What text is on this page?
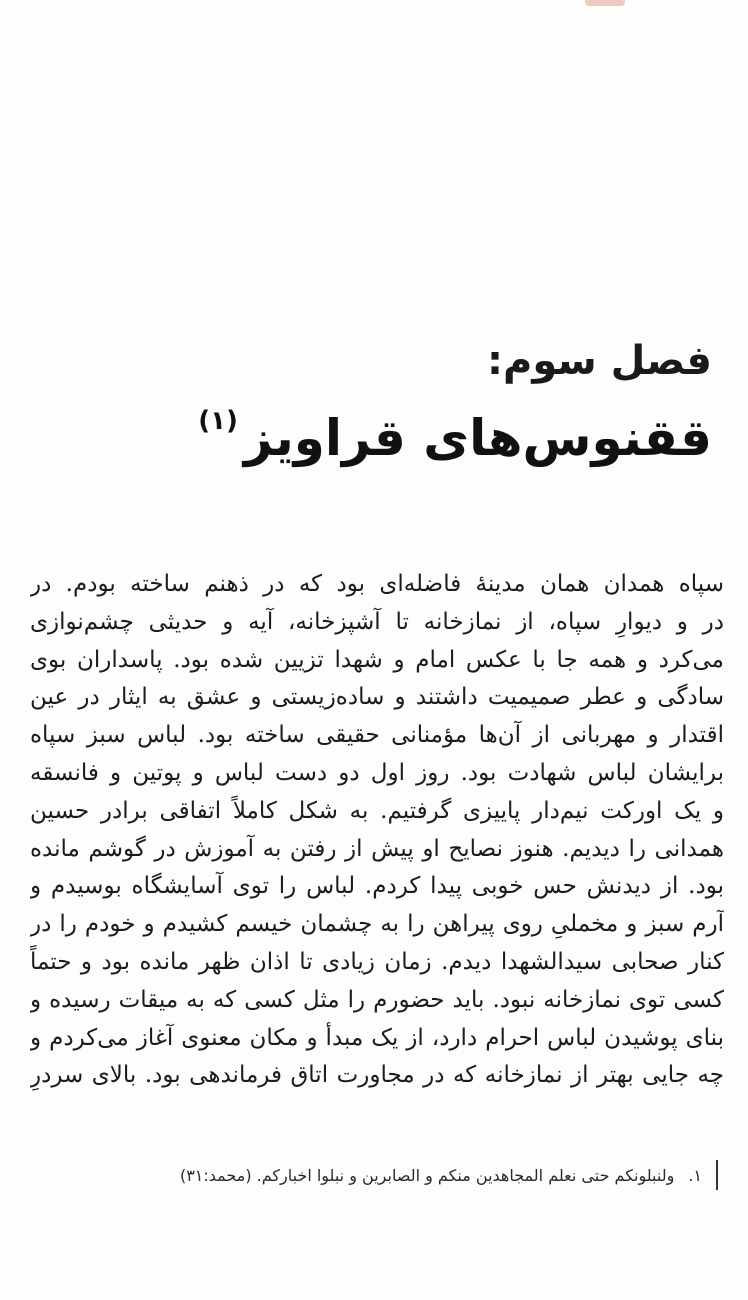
فصل سوم:
ققنوس‌های قراویز$^{(۱)}$
سپاه همدان همان مدینهٔ فاضله‌ای بود که در ذهنم ساخته بودم. در
در و دیوارِ سپاه، از نمازخانه تا آشپزخانه، آیه و حدیثی چشم‌نوازی
می‌کرد و همه جا با عکس امام و شهدا تزیین شده بود. پاسداران بوی
سادگی و عطر صمیمیت داشتند و ساده‌زیستی و عشق به ایثار در عین
اقتدار و مهربانی از آن‌ها مؤمنانی حقیقی ساخته بود. لباس سبز سپاه
برایشان لباس شهادت بود. روز اول دو دست لباس و پوتین و فانسقه
و یک اورکت نیم‌دار پاییزی گرفتیم. به شکل کاملاً اتفاقی برادر حسین
همدانی را دیدیم. هنوز نصایح او پیش از رفتن به آموزش در گوشم مانده
بود. از دیدنش حس خوبی پیدا کردم. لباس را توی آسایشگاه بوسیدم و
آرم سبز و مخملیِ روی پیراهن را به چشمان خیسم کشیدم و خودم را در
کنار صحابی سیدالشهدا دیدم. زمان زیادی تا اذان ظهر مانده بود و حتماً
کسی توی نمازخانه نبود. باید حضورم را مثل کسی که به میقات رسیده و
بنای پوشیدن لباس احرام دارد، از یک مبدأ و مکان معنوی آغاز می‌کردم و
چه جایی بهتر از نمازخانه که در مجاورت اتاق فرماندهی بود. بالای سردرِ
۱.
ولنبلونکم حتی نعلم المجاهدین منکم و الصابرین و نبلوا اخبارکم. (محمد:۳۱)
